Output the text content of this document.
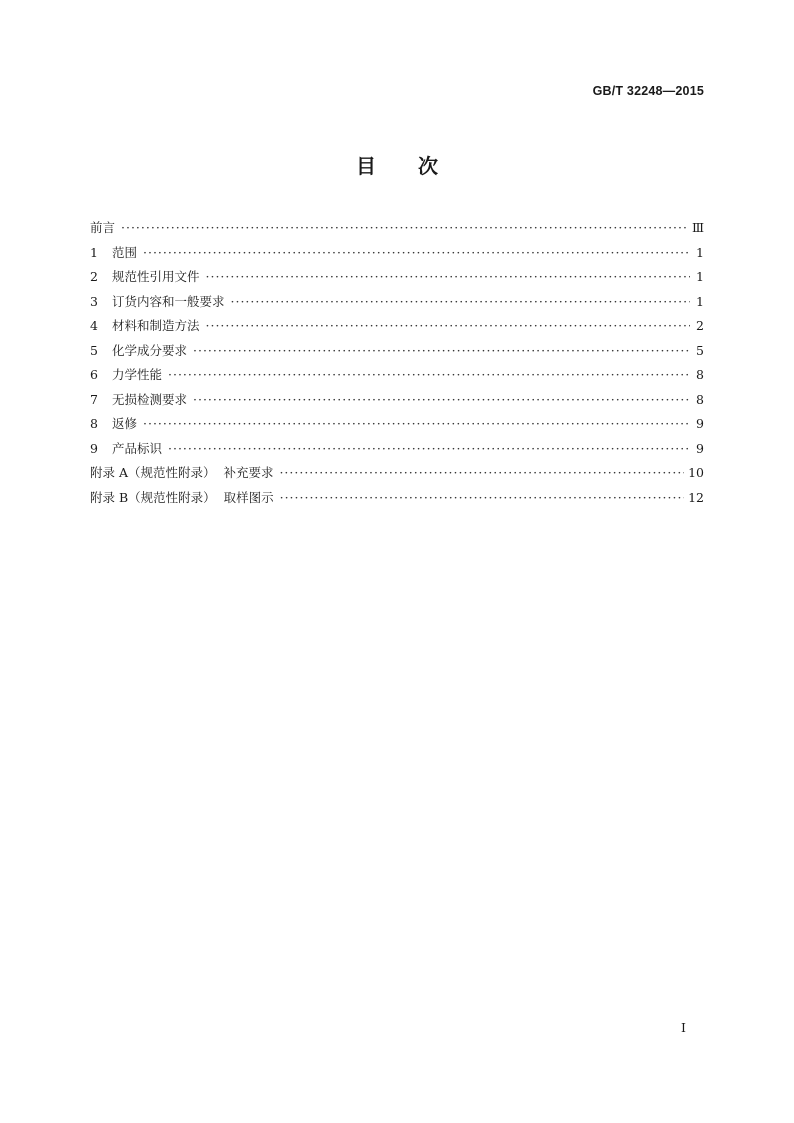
GB/T 32248—2015
目 次
前言 ·····	Ⅲ
1	范围 ·····	1
2	规范性引用文件 ·····	1
3	订货内容和一般要求 ·····	1
4	材料和制造方法 ·····	2
5	化学成分要求 ·····	5
6	力学性能 ·····	8
7	无损检测要求 ·····	8
8	返修 ·····	9
9	产品标识 ·····	9
附录 A（规范性附录）  补充要求 ·····	10
附录 B（规范性附录）  取样图示 ·····	12
I
